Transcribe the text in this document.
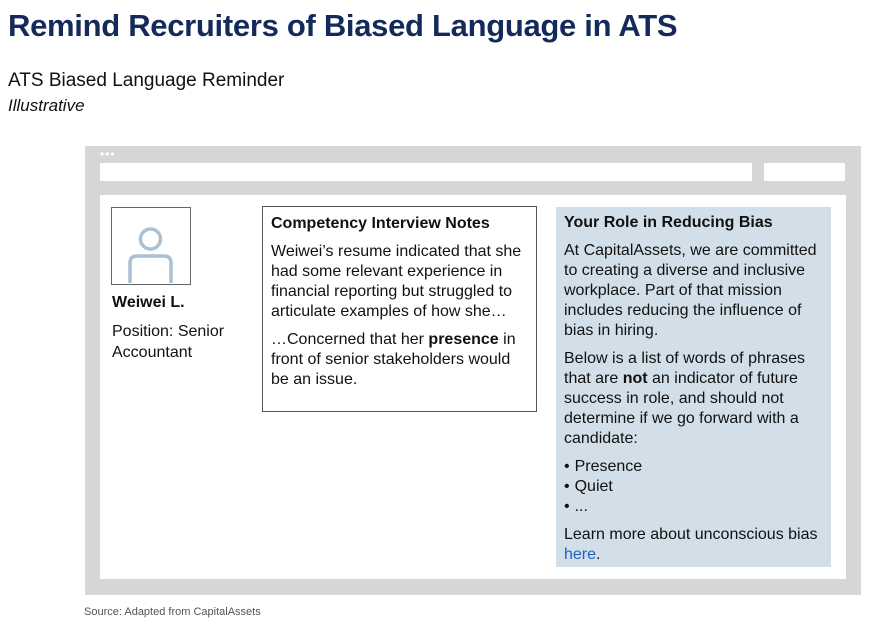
Remind Recruiters of Biased Language in ATS
ATS Biased Language Reminder
Illustrative
•••
Weiwei L.
Position: Senior Accountant
Competency Interview Notes

Weiwei’s resume indicated that she had some relevant experience in financial reporting but struggled to articulate examples of how she…

…Concerned that her presence in front of senior stakeholders would be an issue.

Your Role in Reducing Bias

At CapitalAssets, we are committed to creating a diverse and inclusive workplace. Part of that mission includes reducing the influence of bias in hiring.

Below is a list of words of phrases that are not an indicator of future success in role, and should not determine if we go forward with a candidate:

• Presence
• Quiet
• ...

Learn more about unconscious bias here.

Source: Adapted from CapitalAssets
